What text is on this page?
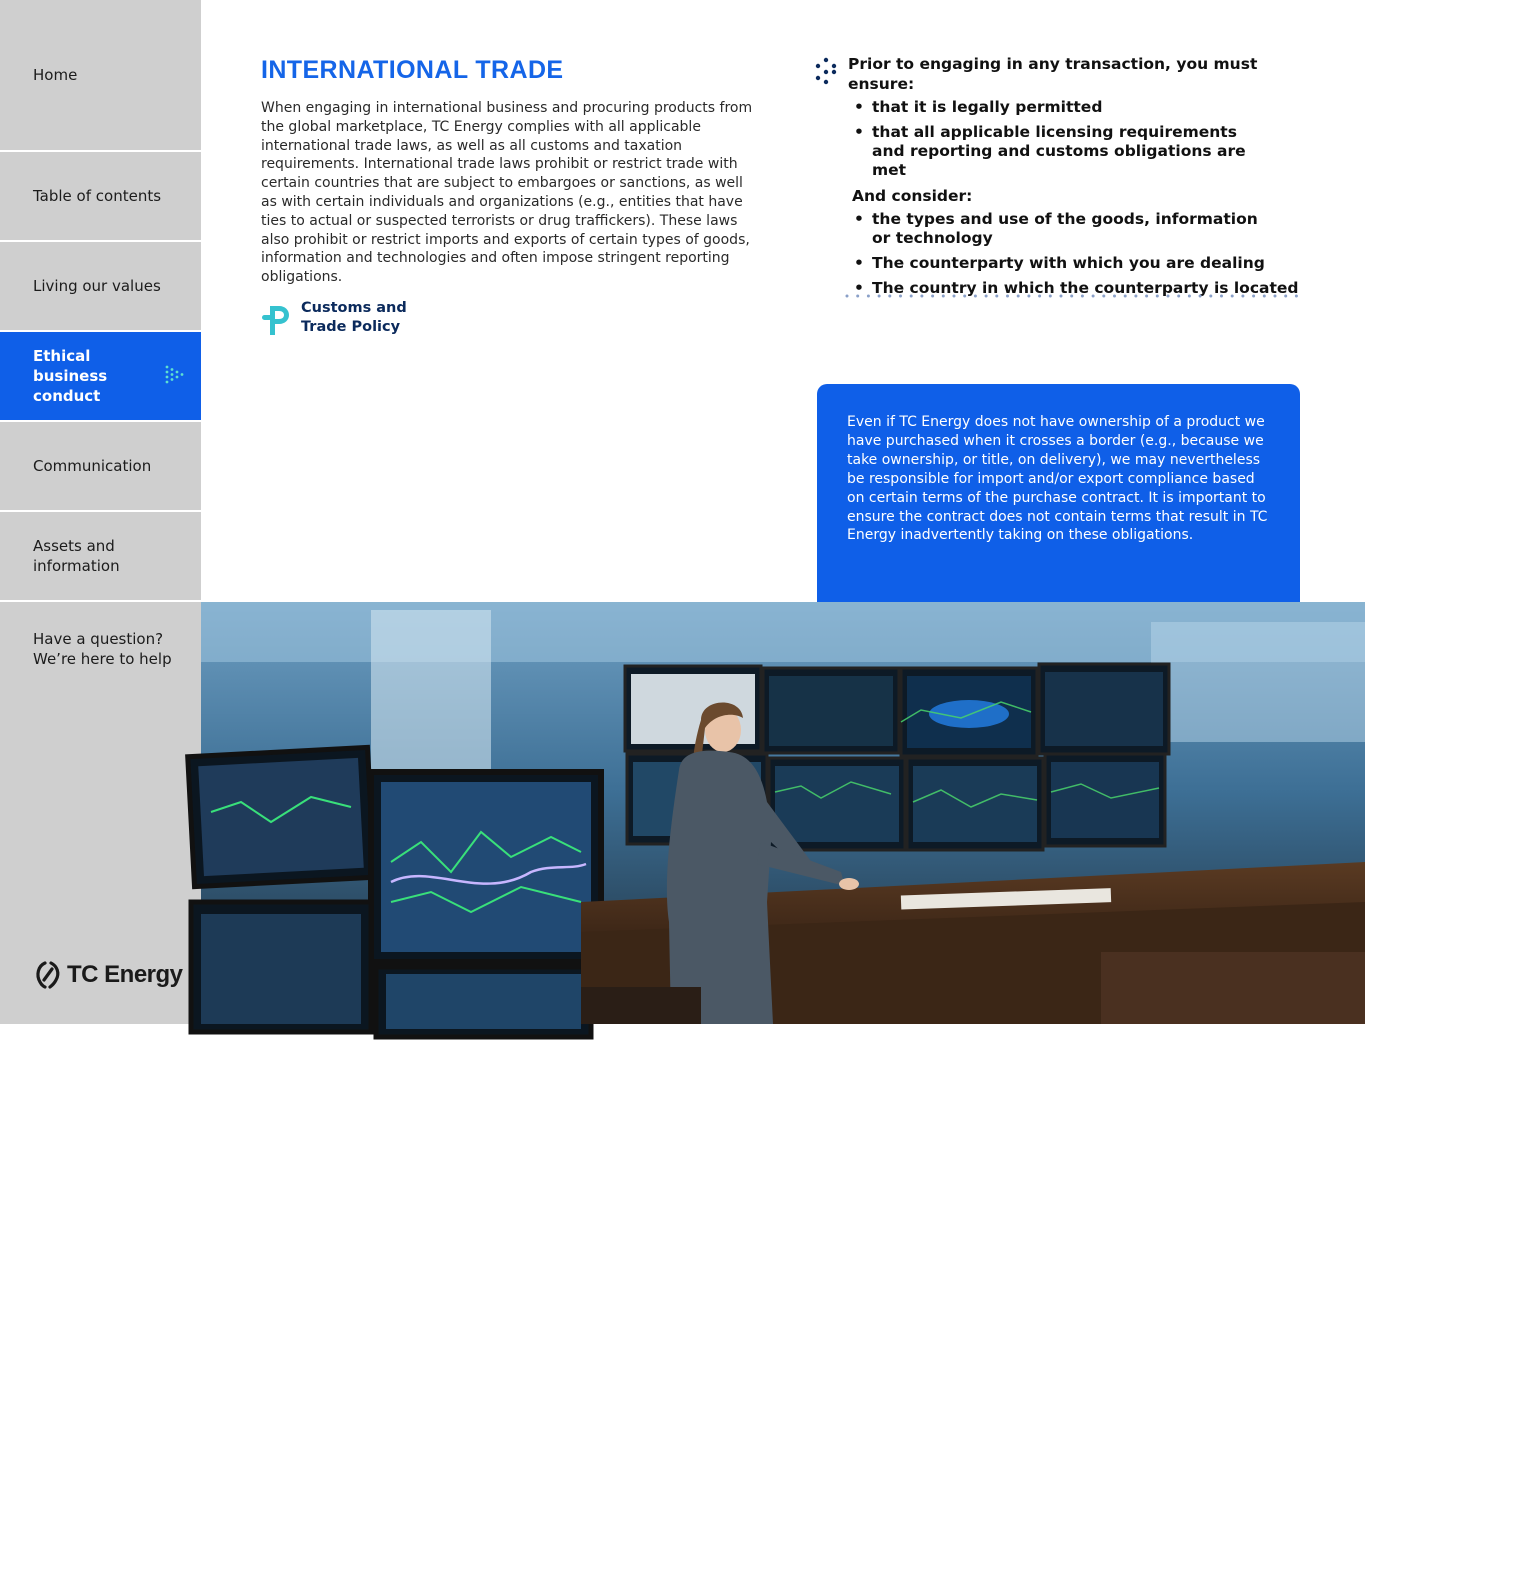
Home
Table of contents
Living our values
Ethical business conduct
Communication
Assets and information
Have a question? We’re here to help
TC Energy
INTERNATIONAL TRADE

When engaging in international business and procuring products from the global marketplace, TC Energy complies with all applicable international trade laws, as well as all customs and taxation requirements. International trade laws prohibit or restrict trade with certain countries that are subject to embargoes or sanctions, as well as with certain individuals and organizations (e.g., entities that have ties to actual or suspected terrorists or drug traffickers). These laws also prohibit or restrict imports and exports of certain types of goods, information and technologies and often impose stringent reporting obligations.

Customs and
Trade Policy
Prior to engaging in any transaction, you must ensure:
• that it is legally permitted
• that all applicable licensing requirements and reporting and customs obligations are met
And consider:
• the types and use of the goods, information or technology
• The counterparty with which you are dealing
• The country in which the counterparty is located

Even if TC Energy does not have ownership of a product we have purchased when it crosses a border (e.g., because we take ownership, or title, on delivery), we may nevertheless be responsible for import and/or export compliance based on certain terms of the purchase contract. It is important to ensure the contract does not contain terms that result in TC Energy inadvertently taking on these obligations.

TC Energy – Code of Business Ethics Policy 25
